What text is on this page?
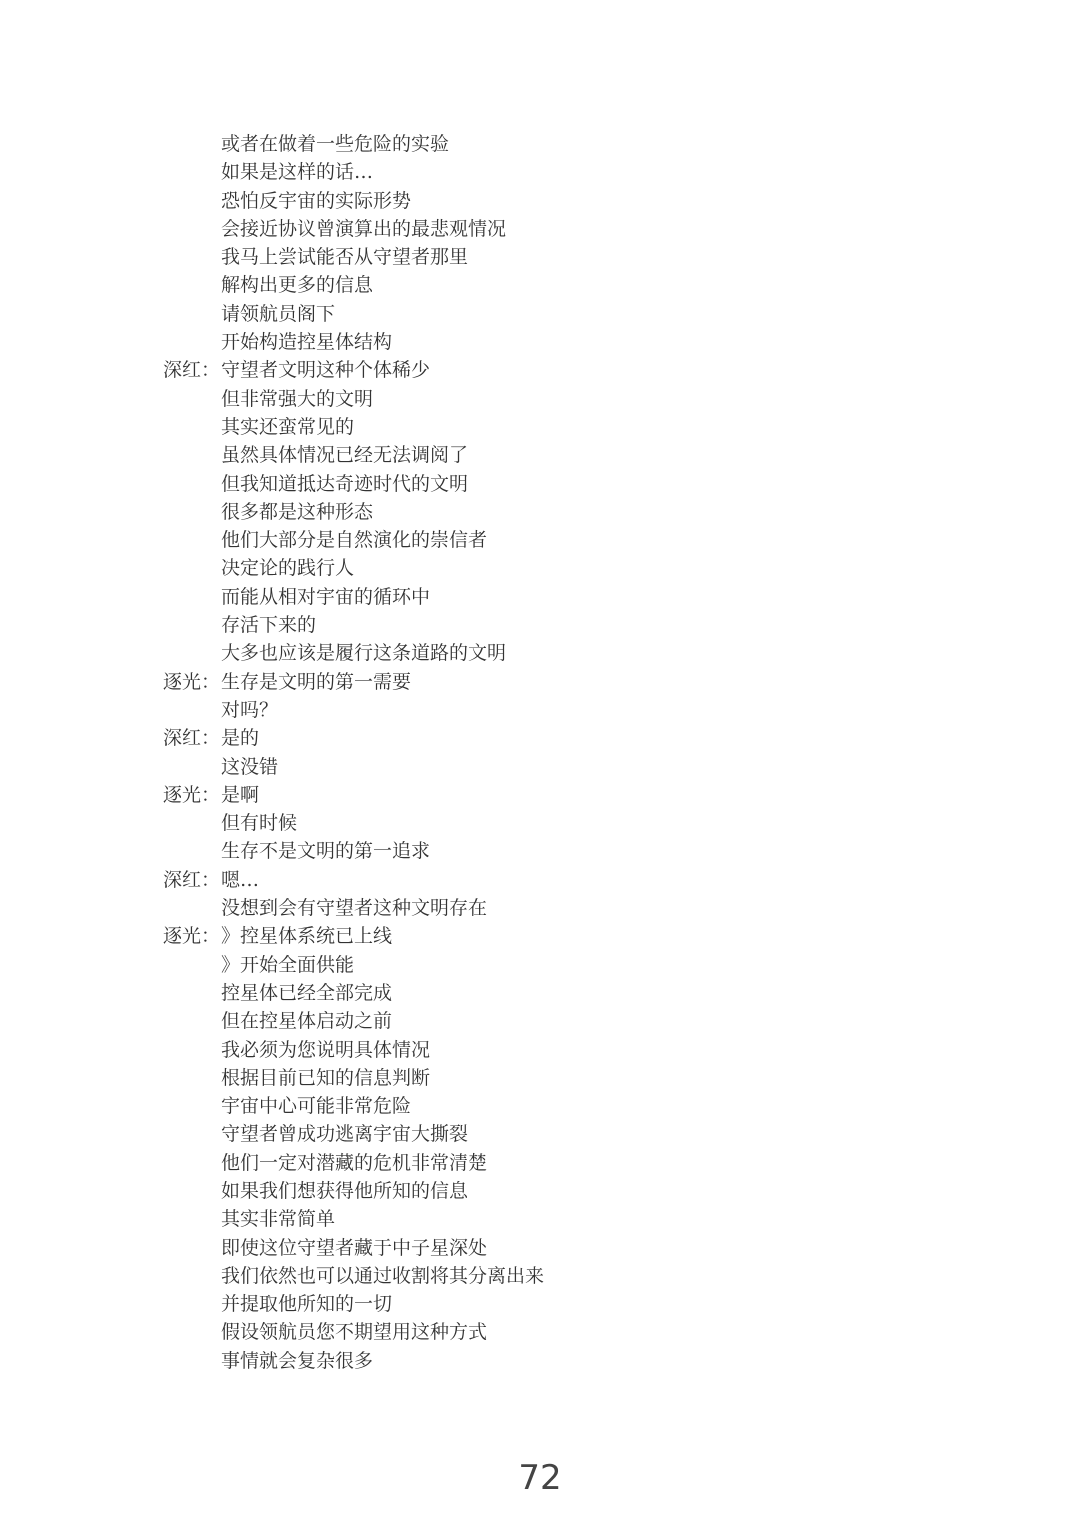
或者在做着一些危险的实验
如果是这样的话…
恐怕反宇宙的实际形势
会接近协议曾演算出的最悲观情况
我马上尝试能否从守望者那里
解构出更多的信息
请领航员阁下
开始构造控星体结构
深红： 守望者文明这种个体稀少
但非常强大的文明
其实还蛮常见的
虽然具体情况已经无法调阅了
但我知道抵达奇迹时代的文明
很多都是这种形态
他们大部分是自然演化的崇信者
决定论的践行人
而能从相对宇宙的循环中
存活下来的
大多也应该是履行这条道路的文明
逐光： 生存是文明的第一需要
对吗？
深红： 是的
这没错
逐光： 是啊
但有时候
生存不是文明的第一追求
深红： 嗯…
没想到会有守望者这种文明存在
逐光： 》控星体系统已上线
》开始全面供能
控星体已经全部完成
但在控星体启动之前
我必须为您说明具体情况
根据目前已知的信息判断
宇宙中心可能非常危险
守望者曾成功逃离宇宙大撕裂
他们一定对潜藏的危机非常清楚
如果我们想获得他所知的信息
其实非常简单
即使这位守望者藏于中子星深处
我们依然也可以通过收割将其分离出来
并提取他所知的一切
假设领航员您不期望用这种方式
事情就会复杂很多
72
